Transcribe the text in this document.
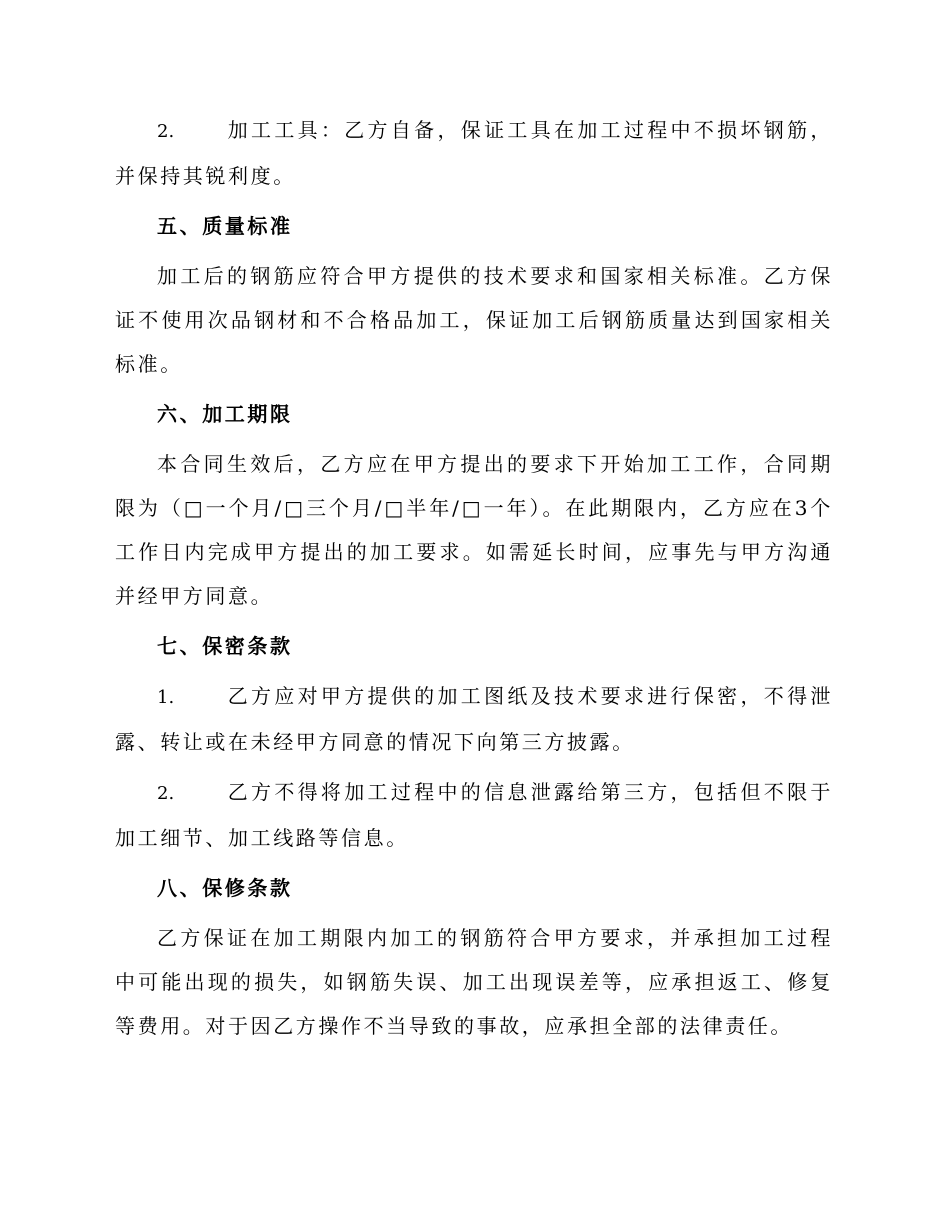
2.	加工工具：乙方自备，保证工具在加工过程中不损坏钢筋，并保持其锐利度。

五、质量标准

加工后的钢筋应符合甲方提供的技术要求和国家相关标准。乙方保证不使用次品钢材和不合格品加工，保证加工后钢筋质量达到国家相关标准。

六、加工期限

本合同生效后，乙方应在甲方提出的要求下开始加工工作，合同期限为（□一个月/□三个月/□半年/□一年）。在此期限内，乙方应在3个工作日内完成甲方提出的加工要求。如需延长时间，应事先与甲方沟通并经甲方同意。

七、保密条款

1.	乙方应对甲方提供的加工图纸及技术要求进行保密，不得泄露、转让或在未经甲方同意的情况下向第三方披露。

2.	乙方不得将加工过程中的信息泄露给第三方，包括但不限于加工细节、加工线路等信息。

八、保修条款

乙方保证在加工期限内加工的钢筋符合甲方要求，并承担加工过程中可能出现的损失，如钢筋失误、加工出现误差等，应承担返工、修复等费用。对于因乙方操作不当导致的事故，应承担全部的法律责任。
